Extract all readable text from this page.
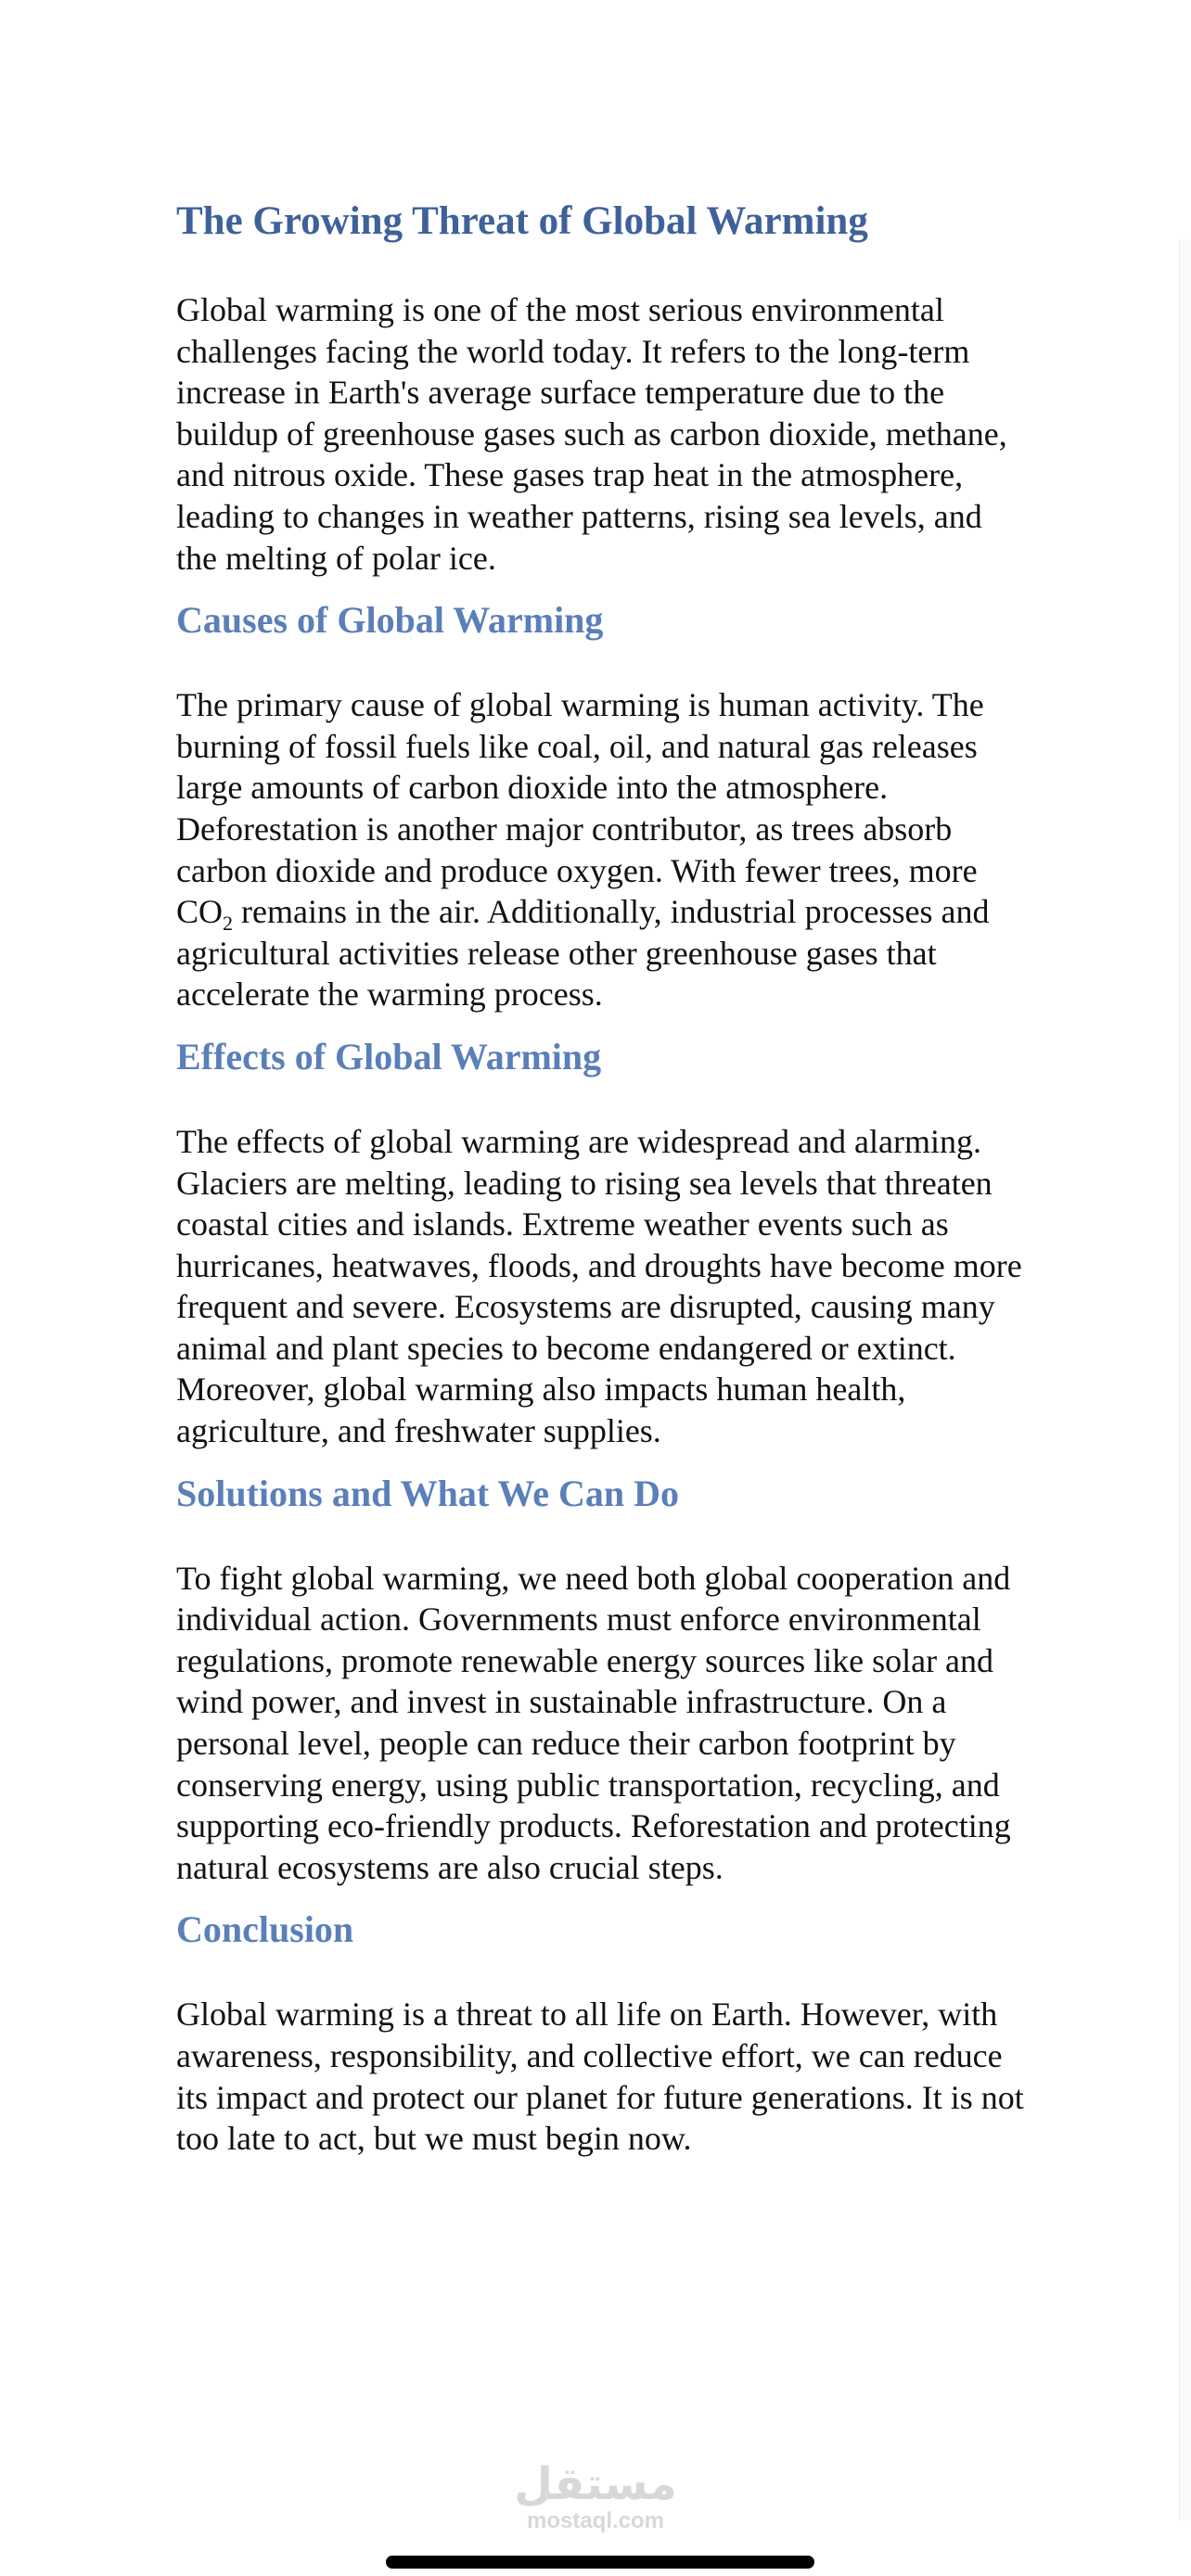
The Growing Threat of Global Warming

Global warming is one of the most serious environmental challenges facing the world today. It refers to the long-term increase in Earth's average surface temperature due to the buildup of greenhouse gases such as carbon dioxide, methane, and nitrous oxide. These gases trap heat in the atmosphere, leading to changes in weather patterns, rising sea levels, and the melting of polar ice.

Causes of Global Warming

The primary cause of global warming is human activity. The burning of fossil fuels like coal, oil, and natural gas releases large amounts of carbon dioxide into the atmosphere. Deforestation is another major contributor, as trees absorb carbon dioxide and produce oxygen. With fewer trees, more $CO_2$ remains in the air. Additionally, industrial processes and agricultural activities release other greenhouse gases that accelerate the warming process.

Effects of Global Warming

The effects of global warming are widespread and alarming. Glaciers are melting, leading to rising sea levels that threaten coastal cities and islands. Extreme weather events such as hurricanes, heatwaves, floods, and droughts have become more frequent and severe. Ecosystems are disrupted, causing many animal and plant species to become endangered or extinct. Moreover, global warming also impacts human health, agriculture, and freshwater supplies.

Solutions and What We Can Do

To fight global warming, we need both global cooperation and individual action. Governments must enforce environmental regulations, promote renewable energy sources like solar and wind power, and invest in sustainable infrastructure. On a personal level, people can reduce their carbon footprint by conserving energy, using public transportation, recycling, and supporting eco-friendly products. Reforestation and protecting natural ecosystems are also crucial steps.

Conclusion

Global warming is a threat to all life on Earth. However, with awareness, responsibility, and collective effort, we can reduce its impact and protect our planet for future generations. It is not too late to act, but we must begin now.

مستقل
mostaql.com
